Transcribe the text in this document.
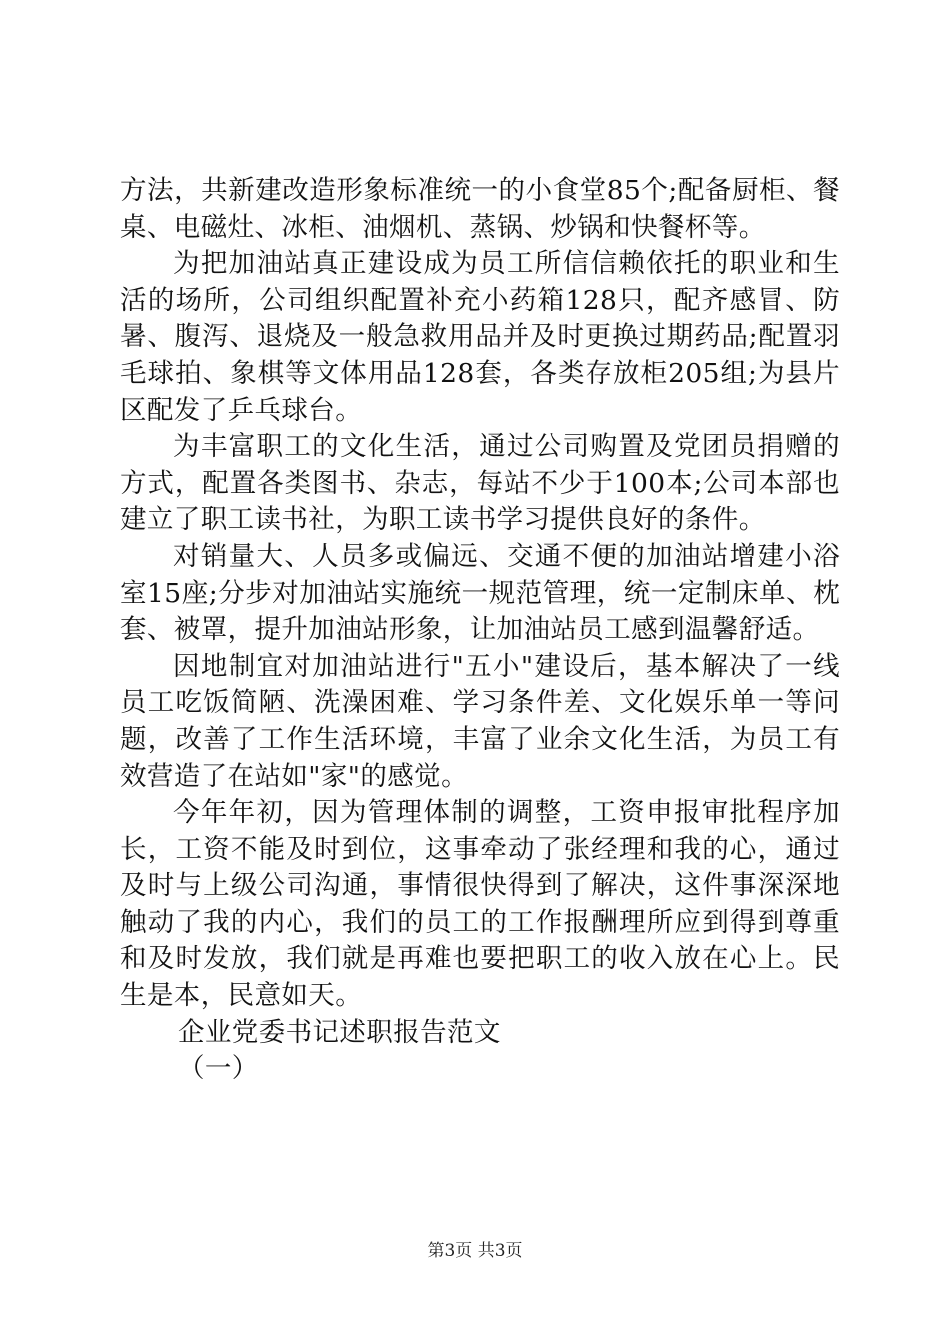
方法，共新建改造形象标准统一的小食堂85个;配备厨柜、餐桌、电磁灶、冰柜、油烟机、蒸锅、炒锅和快餐杯等。

为把加油站真正建设成为员工所信信赖依托的职业和生活的场所，公司组织配置补充小药箱128只，配齐感冒、防暑、腹泻、退烧及一般急救用品并及时更换过期药品;配置羽毛球拍、象棋等文体用品128套，各类存放柜205组;为县片区配发了乒乓球台。

为丰富职工的文化生活，通过公司购置及党团员捐赠的方式，配置各类图书、杂志，每站不少于100本;公司本部也建立了职工读书社，为职工读书学习提供良好的条件。

对销量大、人员多或偏远、交通不便的加油站增建小浴室15座;分步对加油站实施统一规范管理，统一定制床单、枕套、被罩，提升加油站形象，让加油站员工感到温馨舒适。

因地制宜对加油站进行"五小"建设后，基本解决了一线员工吃饭简陋、洗澡困难、学习条件差、文化娱乐单一等问题，改善了工作生活环境，丰富了业余文化生活，为员工有效营造了在站如"家"的感觉。

今年年初，因为管理体制的调整，工资申报审批程序加长，工资不能及时到位，这事牵动了张经理和我的心，通过及时与上级公司沟通，事情很快得到了解决，这件事深深地触动了我的内心，我们的员工的工作报酬理所应到得到尊重和及时发放，我们就是再难也要把职工的收入放在心上。民生是本，民意如天。

企业党委书记述职报告范文

（一）

第3页 共3页
